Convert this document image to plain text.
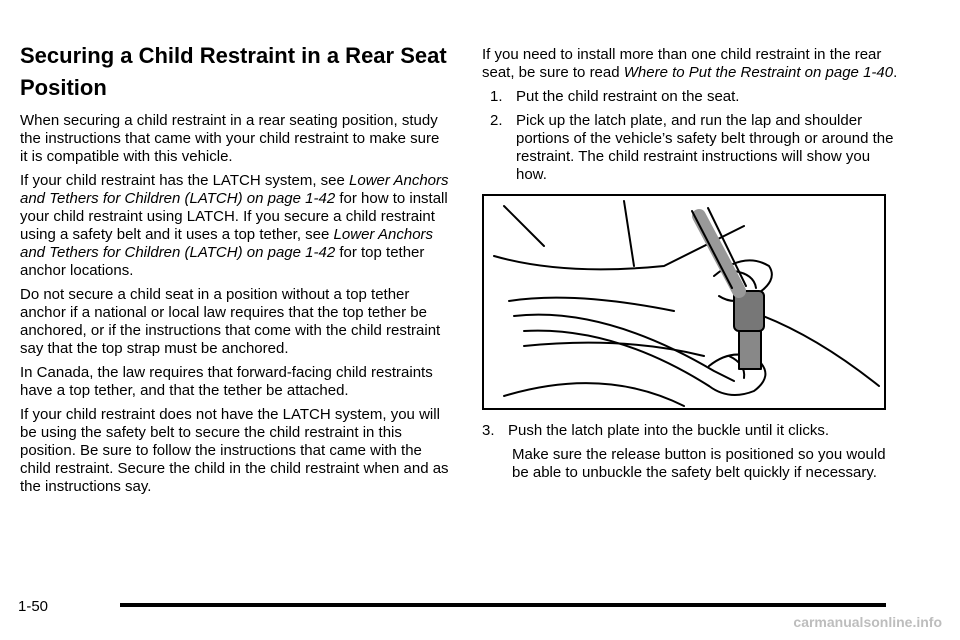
Securing a Child Restraint in a Rear Seat Position

When securing a child restraint in a rear seating position, study the instructions that came with your child restraint to make sure it is compatible with this vehicle.

If your child restraint has the LATCH system, see Lower Anchors and Tethers for Children (LATCH) on page 1-42 for how to install your child restraint using LATCH. If you secure a child restraint using a safety belt and it uses a top tether, see Lower Anchors and Tethers for Children (LATCH) on page 1-42 for top tether anchor locations.

Do not secure a child seat in a position without a top tether anchor if a national or local law requires that the top tether be anchored, or if the instructions that come with the child restraint say that the top strap must be anchored.

In Canada, the law requires that forward-facing child restraints have a top tether, and that the tether be attached.

If your child restraint does not have the LATCH system, you will be using the safety belt to secure the child restraint in this position. Be sure to follow the instructions that came with the child restraint. Secure the child in the child restraint when and as the instructions say.

If you need to install more than one child restraint in the rear seat, be sure to read Where to Put the Restraint on page 1-40.

1. Put the child restraint on the seat.
2. Pick up the latch plate, and run the lap and shoulder portions of the vehicle’s safety belt through or around the restraint. The child restraint instructions will show you how.
3. Push the latch plate into the buckle until it clicks.

Make sure the release button is positioned so you would be able to unbuckle the safety belt quickly if necessary.

1-50
carmanualsonline.info
